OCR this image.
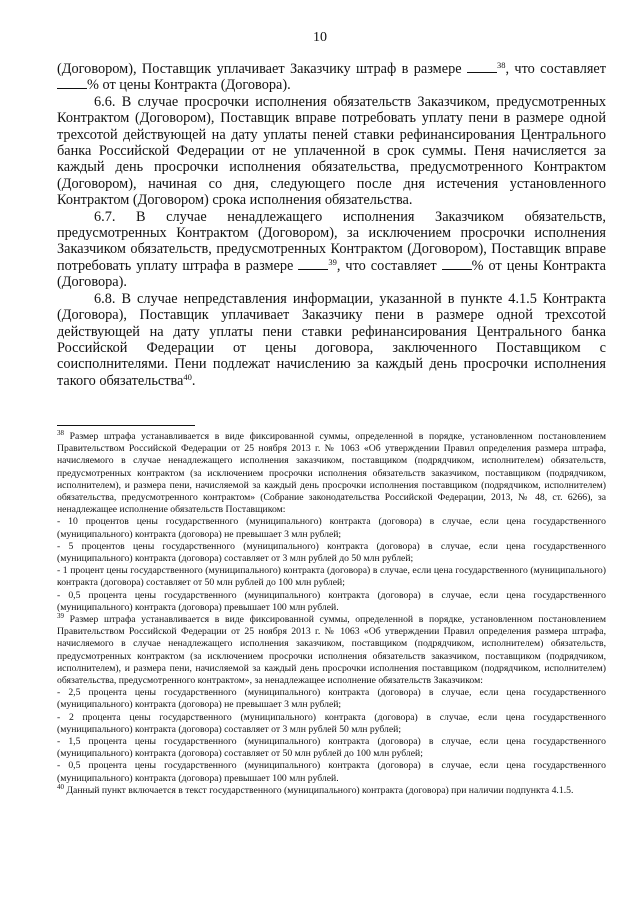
10

(Договором), Поставщик уплачивает Заказчику штраф в размере	$^{38}$, что составляет % от цены Контракта (Договора).

6.6. В случае просрочки исполнения обязательств Заказчиком, предусмотренных Контрактом (Договором), Поставщик вправе потребовать уплату пени в размере одной трехсотой действующей на дату уплаты пеней ставки рефинансирования Центрального банка Российской Федерации от не уплаченной в срок суммы. Пеня начисляется за каждый день просрочки исполнения обязательства, предусмотренного Контрактом (Договором), начиная со дня, следующего после дня истечения установленного Контрактом (Договором) срока исполнения обязательства.

6.7. В случае ненадлежащего исполнения Заказчиком обязательств, предусмотренных Контрактом (Договором), за исключением просрочки исполнения Заказчиком обязательств, предусмотренных Контрактом (Договором), Поставщик вправе потребовать уплату штрафа в размере	$^{39}$, что составляет % от цены Контракта (Договора).

6.8. В случае непредставления информации, указанной в пункте 4.1.5 Контракта (Договора), Поставщик уплачивает Заказчику пени в размере одной трехсотой действующей на дату уплаты пени ставки рефинансирования Центрального банка Российской Федерации от цены договора, заключенного Поставщиком с соисполнителями. Пени подлежат начислению за каждый день просрочки исполнения такого обязательства$^{40}$.

$^{38}$ Размер штрафа устанавливается в виде фиксированной суммы, определенной в порядке, установленном постановлением Правительством Российской Федерации от 25 ноября 2013 г. № 1063 «Об утверждении Правил определения размера штрафа, начисляемого в случае ненадлежащего исполнения заказчиком, поставщиком (подрядчиком, исполнителем) обязательств, предусмотренных контрактом (за исключением просрочки исполнения обязательств заказчиком, поставщиком (подрядчиком, исполнителем), и размера пени, начисляемой за каждый день просрочки исполнения поставщиком (подрядчиком, исполнителем) обязательства, предусмотренного контрактом» (Собрание законодательства Российской Федерации, 2013, № 48, ст. 6266), за ненадлежащее исполнение обязательств Поставщиком:

- 10 процентов цены государственного (муниципального) контракта (договора) в случае, если цена государственного (муниципального) контракта (договора) не превышает 3 млн рублей;

- 5 процентов цены государственного (муниципального) контракта (договора) в случае, если цена государственного (муниципального) контракта (договора) составляет от 3 млн рублей до 50 млн рублей;

- 1 процент цены государственного (муниципального) контракта (договора) в случае, если цена государственного (муниципального) контракта (договора) составляет от 50 млн рублей до 100 млн рублей;

- 0,5 процента цены государственного (муниципального) контракта (договора) в случае, если цена государственного (муниципального) контракта (договора) превышает 100 млн рублей.

$^{39}$ Размер штрафа устанавливается в виде фиксированной суммы, определенной в порядке, установленном постановлением Правительством Российской Федерации от 25 ноября 2013 г. № 1063 «Об утверждении Правил определения размера штрафа, начисляемого в случае ненадлежащего исполнения заказчиком, поставщиком (подрядчиком, исполнителем) обязательств, предусмотренных контрактом (за исключением просрочки исполнения обязательств заказчиком, поставщиком (подрядчиком, исполнителем), и размера пени, начисляемой за каждый день просрочки исполнения поставщиком (подрядчиком, исполнителем) обязательства, предусмотренного контрактом», за ненадлежащее исполнение обязательств Заказчиком:

- 2,5 процента цены государственного (муниципального) контракта (договора) в случае, если цена государственного (муниципального) контракта (договора) не превышает 3 млн рублей;

- 2 процента цены государственного (муниципального) контракта (договора) в случае, если цена государственного (муниципального) контракта (договора) составляет от 3 млн рублей 50 млн рублей;

- 1,5 процента цены государственного (муниципального) контракта (договора) в случае, если цена государственного (муниципального) контракта (договора) составляет от 50 млн рублей до 100 млн рублей;

- 0,5 процента цены государственного (муниципального) контракта (договора) в случае, если цена государственного (муниципального) контракта (договора) превышает 100 млн рублей.

$^{40}$ Данный пункт включается в текст государственного (муниципального) контракта (договора) при наличии подпункта 4.1.5.
